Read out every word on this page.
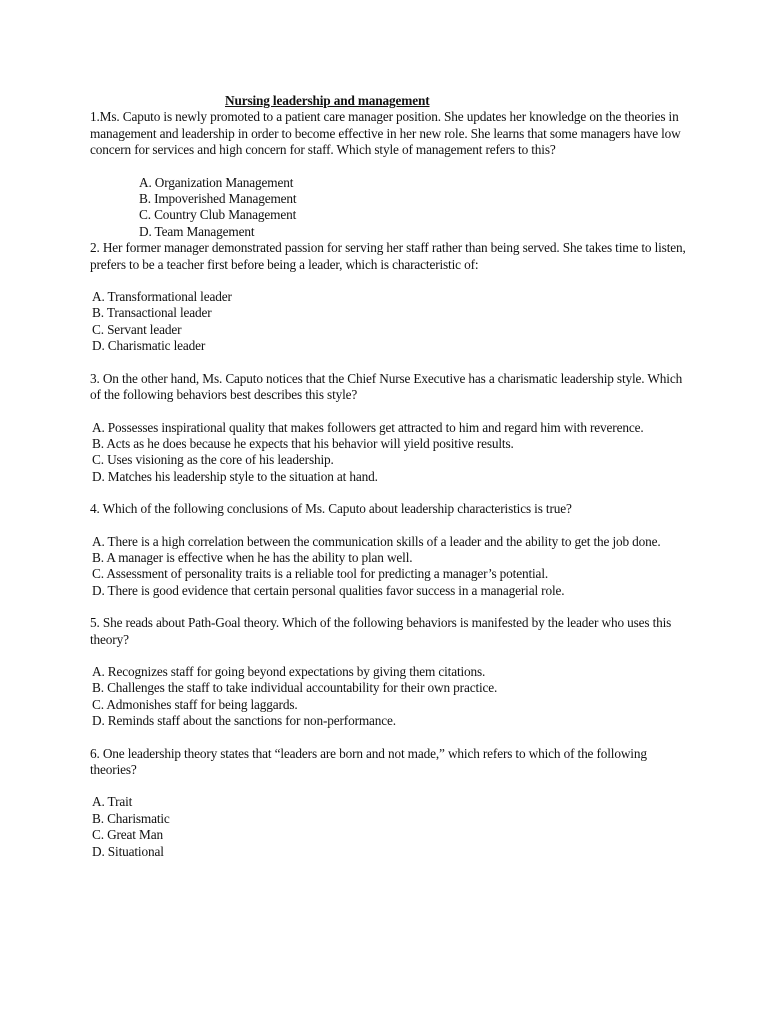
Nursing leadership and management

1.Ms. Caputo is newly promoted to a patient care manager position. She updates her knowledge on the theories in management and leadership in order to become effective in her new role. She learns that some managers have low concern for services and high concern for staff. Which style of management refers to this?

A. Organization Management
B. Impoverished Management
C. Country Club Management
D. Team Management

2. Her former manager demonstrated passion for serving her staff rather than being served. She takes time to listen, prefers to be a teacher first before being a leader, which is characteristic of:

A. Transformational leader
B. Transactional leader
C. Servant leader
D. Charismatic leader

3. On the other hand, Ms. Caputo notices that the Chief Nurse Executive has a charismatic leadership style. Which of the following behaviors best describes this style?

A. Possesses inspirational quality that makes followers get attracted to him and regard him with reverence.
B. Acts as he does because he expects that his behavior will yield positive results.
C. Uses visioning as the core of his leadership.
D. Matches his leadership style to the situation at hand.

4. Which of the following conclusions of Ms. Caputo about leadership characteristics is true?

A. There is a high correlation between the communication skills of a leader and the ability to get the job done.
B. A manager is effective when he has the ability to plan well.
C. Assessment of personality traits is a reliable tool for predicting a manager’s potential.
D. There is good evidence that certain personal qualities favor success in a managerial role.

5. She reads about Path-Goal theory. Which of the following behaviors is manifested by the leader who uses this theory?

A. Recognizes staff for going beyond expectations by giving them citations.
B. Challenges the staff to take individual accountability for their own practice.
C. Admonishes staff for being laggards.
D. Reminds staff about the sanctions for non-performance.

6. One leadership theory states that “leaders are born and not made,” which refers to which of the following theories?

A. Trait
B. Charismatic
C. Great Man
D. Situational
